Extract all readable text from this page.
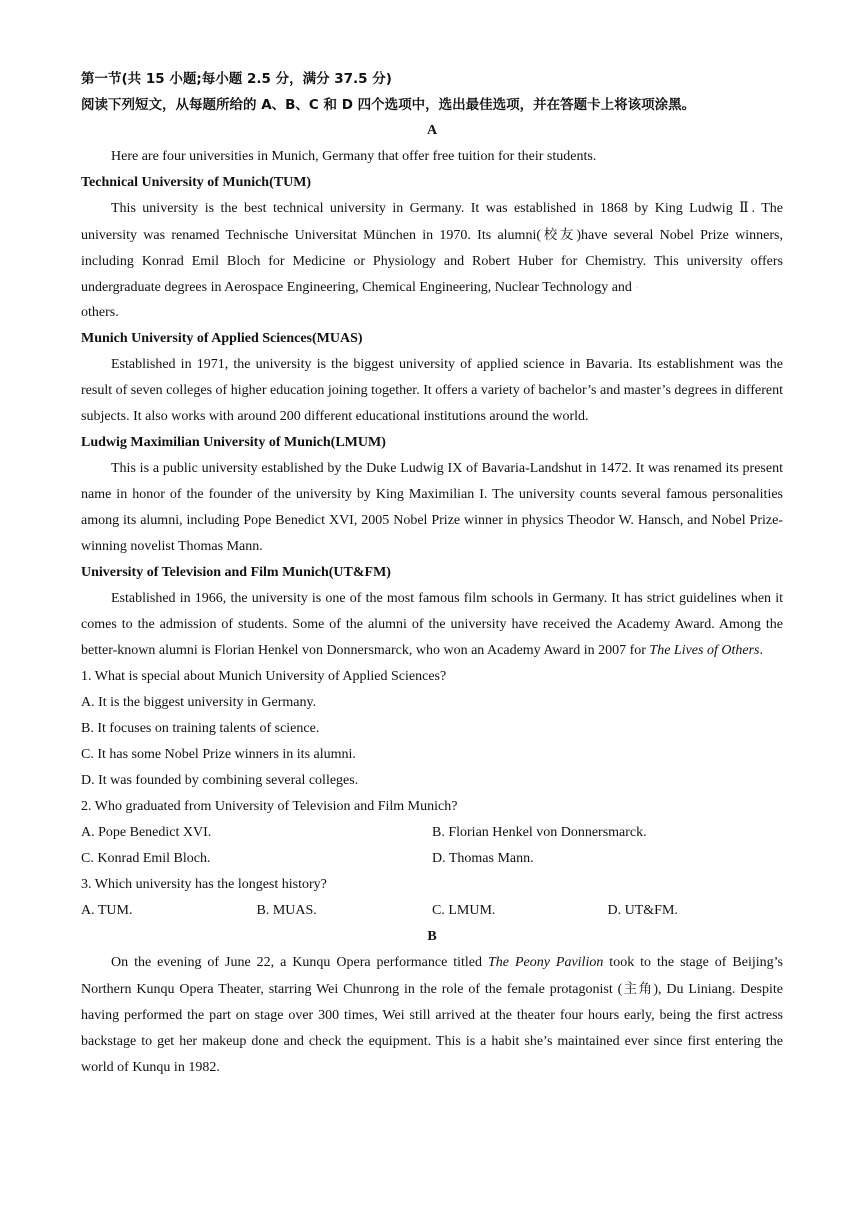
第一节(共 15 小题;每小题 2.5 分，满分 37.5 分)
阅读下列短文，从每题所给的 A、B、C 和 D 四个选项中，选出最佳选项，并在答题卡上将该项涂黑。
A
Here are four universities in Munich, Germany that offer free tuition for their students.
Technical University of Munich(TUM)
This university is the best technical university in Germany. It was established in 1868 by King Ludwig Ⅱ. The university was renamed Technische Universitat München in 1970. Its alumni(校友)have several Nobel Prize winners, including Konrad Emil Bloch for Medicine or Physiology and Robert Huber for Chemistry. This university offers undergraduate degrees in Aerospace Engineering, Chemical Engineering, Nuclear Technology and ·
others.
Munich University of Applied Sciences(MUAS)
Established in 1971, the university is the biggest university of applied science in Bavaria. Its establishment was the result of seven colleges of higher education joining together. It offers a variety of bachelor’s and master’s degrees in different subjects. It also works with around 200 different educational institutions around the world.
Ludwig Maximilian University of Munich(LMUM)
This is a public university established by the Duke Ludwig IX of Bavaria-Landshut in 1472. It was renamed its present name in honor of the founder of the university by King Maximilian I. The university counts several famous personalities among its alumni, including Pope Benedict XVI, 2005 Nobel Prize winner in physics Theodor W. Hansch, and Nobel Prize-winning novelist Thomas Mann.
University of Television and Film Munich(UT&FM)
Established in 1966, the university is one of the most famous film schools in Germany. It has strict guidelines when it comes to the admission of students. Some of the alumni of the university have received the Academy Award. Among the better-known alumni is Florian Henkel von Donnersmarck, who won an Academy Award in 2007 for The Lives of Others.
1. What is special about Munich University of Applied Sciences?
A. It is the biggest university in Germany.
B. It focuses on training talents of science.
C. It has some Nobel Prize winners in its alumni.
D. It was founded by combining several colleges.
2. Who graduated from University of Television and Film Munich?
A. Pope Benedict XVI.	B. Florian Henkel von Donnersmarck.
C. Konrad Emil Bloch.	D. Thomas Mann.
3. Which university has the longest history?
A. TUM.	B. MUAS.	C. LMUM.	D. UT&FM.
B
On the evening of June 22, a Kunqu Opera performance titled The Peony Pavilion took to the stage of Beijing’s Northern Kunqu Opera Theater, starring Wei Chunrong in the role of the female protagonist (主角), Du Liniang. Despite having performed the part on stage over 300 times, Wei still arrived at the theater four hours early, being the first actress backstage to get her makeup done and check the equipment. This is a habit she’s maintained ever since first entering the world of Kunqu in 1982.
